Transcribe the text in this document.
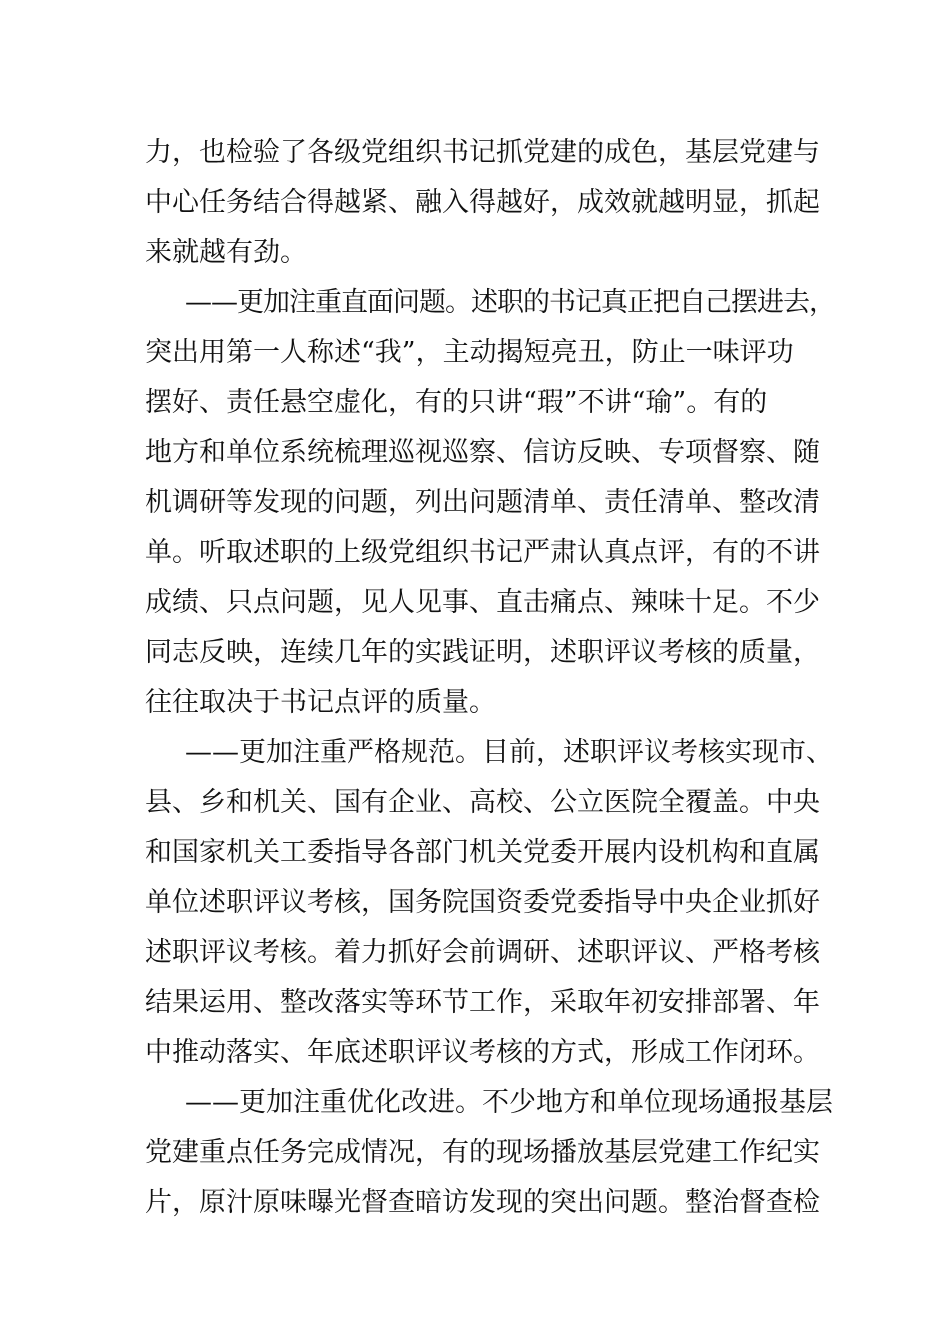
力，也检验了各级党组织书记抓党建的成色，基层党建与
中心任务结合得越紧、融入得越好，成效就越明显，抓起
来就越有劲。
——更加注重直面问题。述职的书记真正把自己摆进去，
突出用第一人称述“我”，主动揭短亮丑，防止一味评功
摆好、责任悬空虚化，有的只讲“瑕”不讲“瑜”。有的
地方和单位系统梳理巡视巡察、信访反映、专项督察、随
机调研等发现的问题，列出问题清单、责任清单、整改清
单。听取述职的上级党组织书记严肃认真点评，有的不讲
成绩、只点问题，见人见事、直击痛点、辣味十足。不少
同志反映，连续几年的实践证明，述职评议考核的质量，
往往取决于书记点评的质量。
——更加注重严格规范。目前，述职评议考核实现市、
县、乡和机关、国有企业、高校、公立医院全覆盖。中央
和国家机关工委指导各部门机关党委开展内设机构和直属
单位述职评议考核，国务院国资委党委指导中央企业抓好
述职评议考核。着力抓好会前调研、述职评议、严格考核
结果运用、整改落实等环节工作，采取年初安排部署、年
中推动落实、年底述职评议考核的方式，形成工作闭环。
——更加注重优化改进。不少地方和单位现场通报基层
党建重点任务完成情况，有的现场播放基层党建工作纪实
片，原汁原味曝光督查暗访发现的突出问题。整治督查检
